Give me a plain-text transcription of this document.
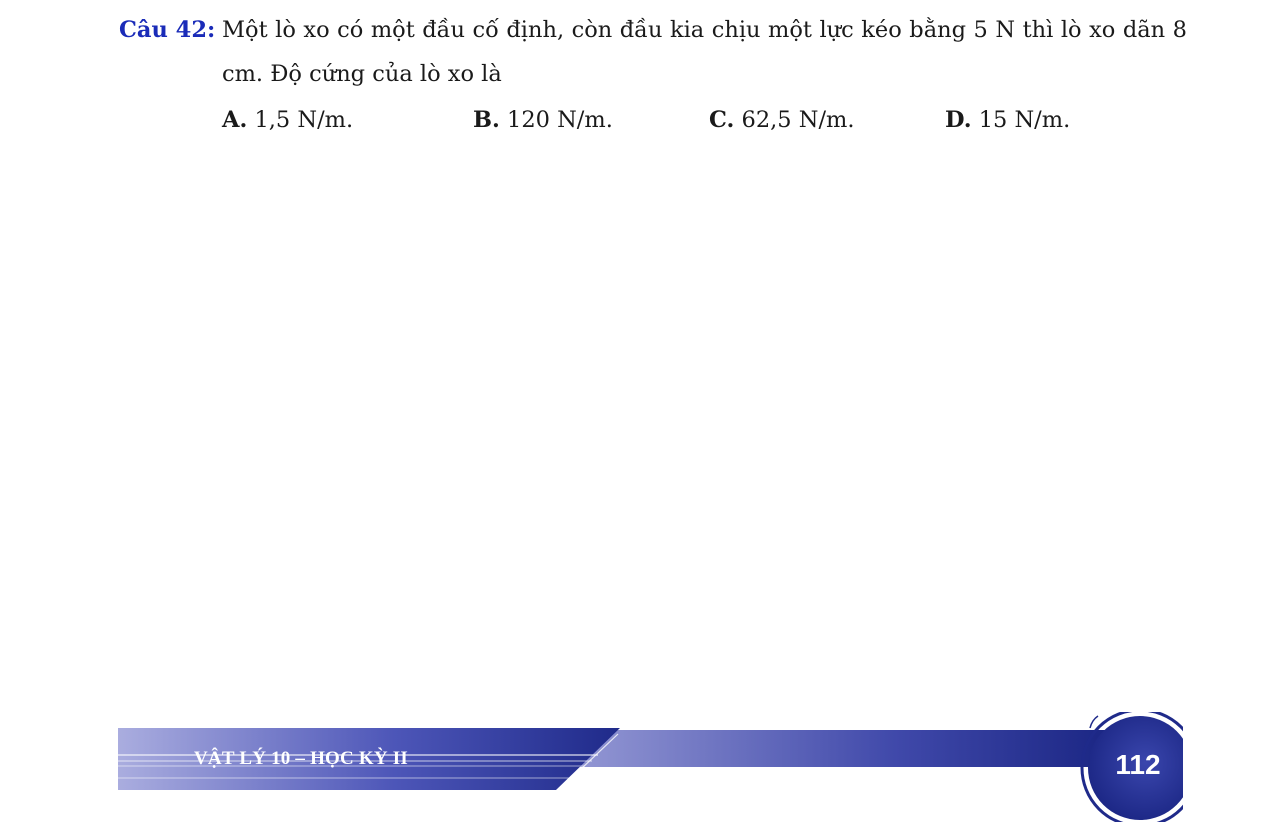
Câu 42: Một lò xo có một đầu cố định, còn đầu kia chịu một lực kéo bằng 5 N thì lò xo dãn 8 cm. Độ cứng của lò xo là
A. 1,5 N/m.	B. 120 N/m.	C. 62,5 N/m.	D. 15 N/m.
VẬT LÝ 10 – HỌC KỲ II	112
